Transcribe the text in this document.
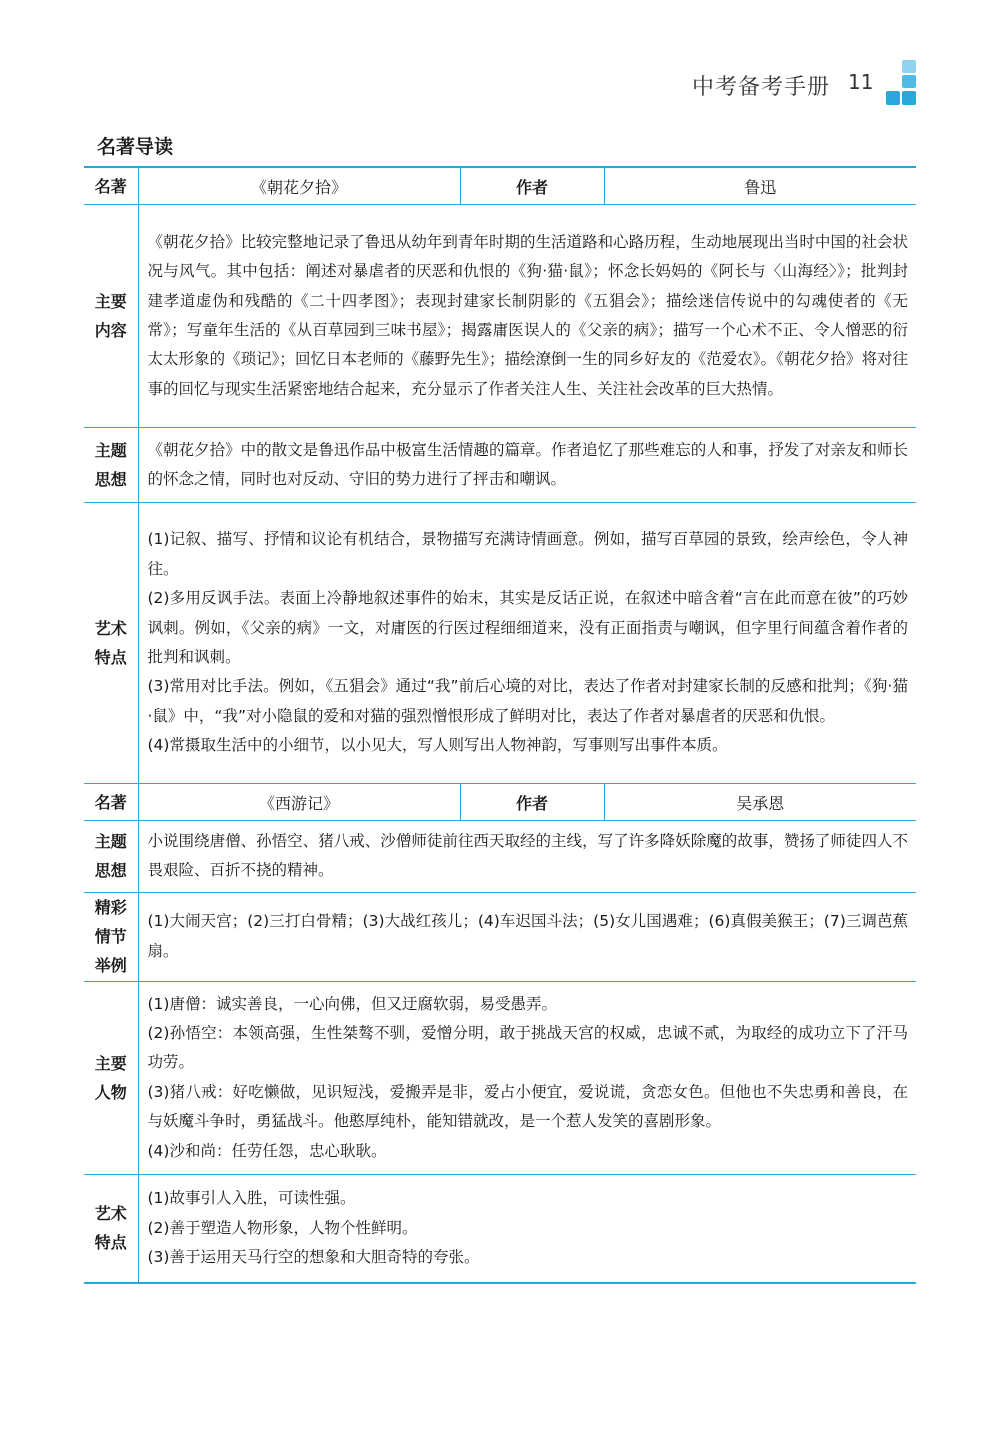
中考备考手册 11
名著导读
名著	《朝花夕拾》	作者	鲁迅

主要
内容	《朝花夕拾》比较完整地记录了鲁迅从幼年到青年时期的生活道路和心路历程，生动地展现出当时中国的社会状况与风气。其中包括：阐述对暴虐者的厌恶和仇恨的《狗·猫·鼠》；怀念长妈妈的《阿长与〈山海经〉》；批判封建孝道虚伪和残酷的《二十四孝图》；表现封建家长制阴影的《五猖会》；描绘迷信传说中的勾魂使者的《无常》；写童年生活的《从百草园到三味书屋》；揭露庸医误人的《父亲的病》；描写一个心术不正、令人憎恶的衍太太形象的《琐记》；回忆日本老师的《藤野先生》；描绘潦倒一生的同乡好友的《范爱农》。《朝花夕拾》将对往事的回忆与现实生活紧密地结合起来，充分显示了作者关注人生、关注社会改革的巨大热情。		

主题
思想	《朝花夕拾》中的散文是鲁迅作品中极富生活情趣的篇章。作者追忆了那些难忘的人和事，抒发了对亲友和师长的怀念之情，同时也对反动、守旧的势力进行了抨击和嘲讽。		

艺术
特点	(1)记叙、描写、抒情和议论有机结合，景物描写充满诗情画意。例如，描写百草园的景致，绘声绘色，令人神往。
(2)多用反讽手法。表面上冷静地叙述事件的始末，其实是反话正说，在叙述中暗含着“言在此而意在彼”的巧妙讽刺。例如，《父亲的病》一文，对庸医的行医过程细细道来，没有正面指责与嘲讽，但字里行间蕴含着作者的批判和讽刺。
(3)常用对比手法。例如，《五猖会》通过“我”前后心境的对比，表达了作者对封建家长制的反感和批判；《狗·猫·鼠》中，“我”对小隐鼠的爱和对猫的强烈憎恨形成了鲜明对比，表达了作者对暴虐者的厌恶和仇恨。
(4)常摄取生活中的小细节，以小见大，写人则写出人物神韵，写事则写出事件本质。		

名著	《西游记》	作者	吴承恩

主题
思想	小说围绕唐僧、孙悟空、猪八戒、沙僧师徒前往西天取经的主线，写了许多降妖除魔的故事，赞扬了师徒四人不畏艰险、百折不挠的精神。		

精彩
情节
举例	(1)大闹天宫；(2)三打白骨精；(3)大战红孩儿；(4)车迟国斗法；(5)女儿国遇难；(6)真假美猴王；(7)三调芭蕉扇。		

主要
人物	(1)唐僧：诚实善良，一心向佛，但又迂腐软弱，易受愚弄。
(2)孙悟空：本领高强，生性桀骜不驯，爱憎分明，敢于挑战天宫的权威，忠诚不贰，为取经的成功立下了汗马功劳。
(3)猪八戒：好吃懒做，见识短浅，爱搬弄是非，爱占小便宜，爱说谎，贪恋女色。但他也不失忠勇和善良，在与妖魔斗争时，勇猛战斗。他憨厚纯朴，能知错就改，是一个惹人发笑的喜剧形象。
(4)沙和尚：任劳任怨，忠心耿耿。		

艺术
特点	(1)故事引人入胜，可读性强。
(2)善于塑造人物形象，人物个性鲜明。
(3)善于运用天马行空的想象和大胆奇特的夸张。		
